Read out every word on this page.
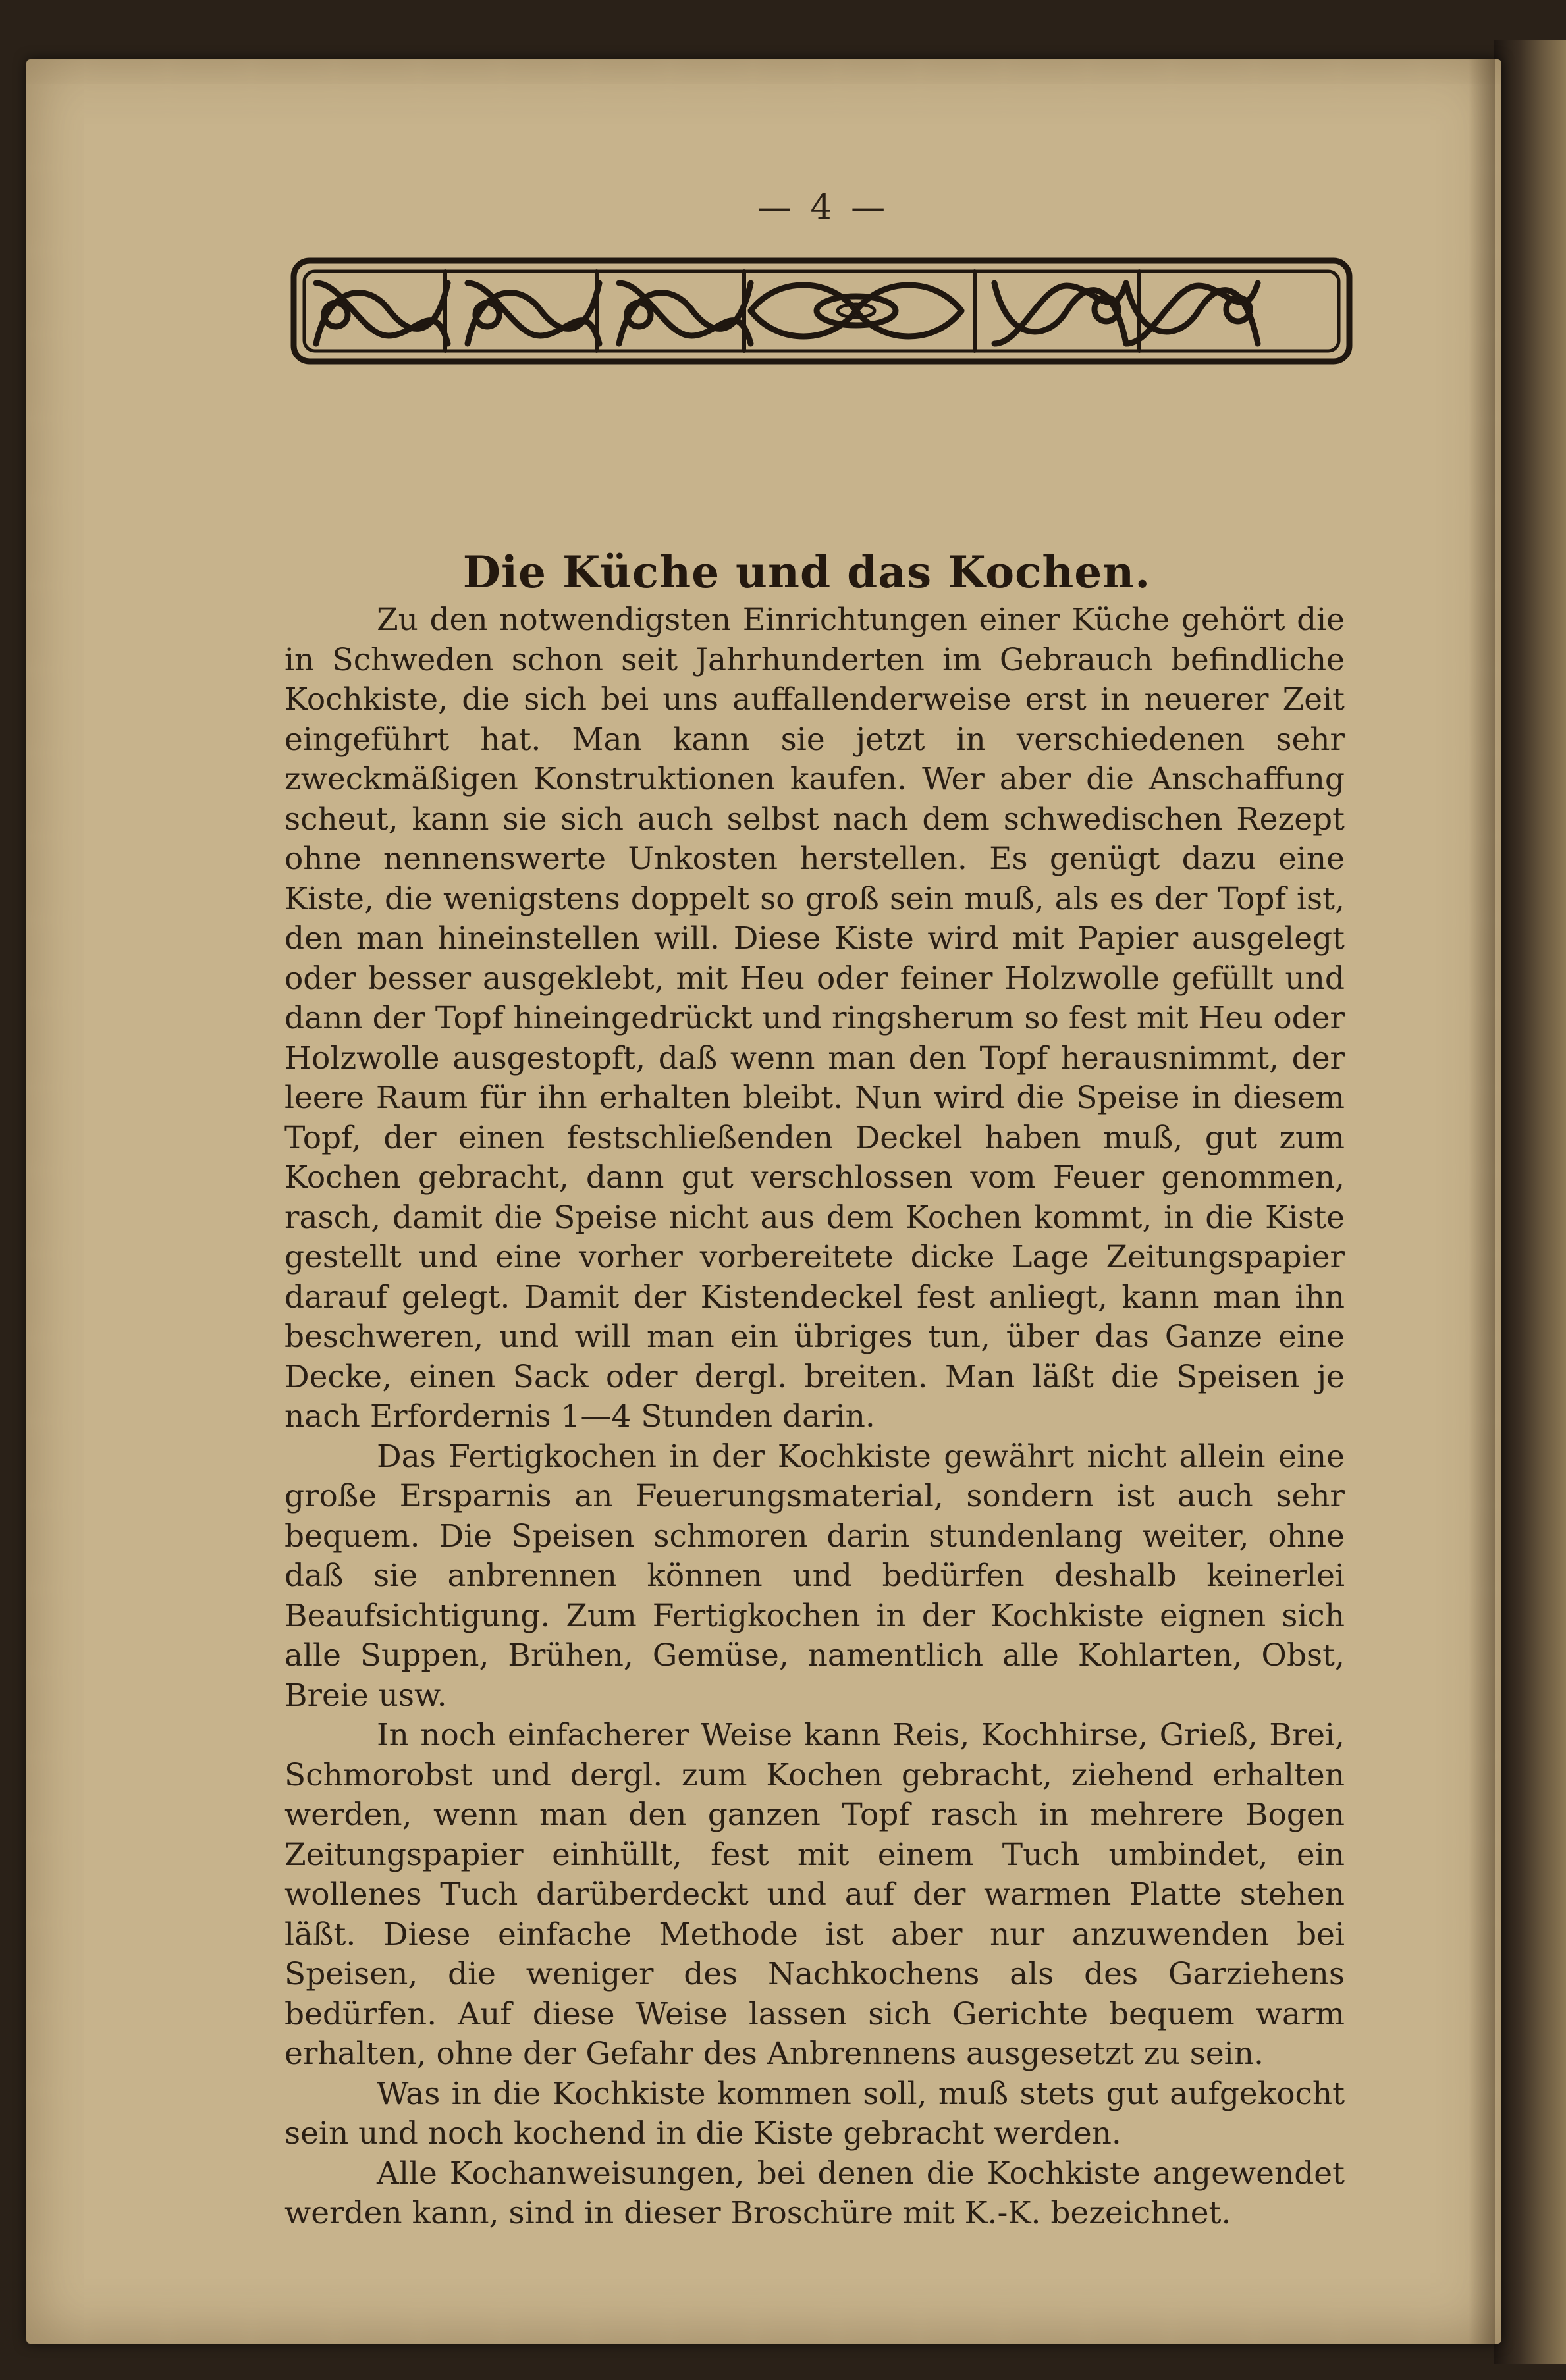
— 4 —
Die Küche und das Kochen.

Zu den notwendigsten Einrichtungen einer Küche gehört die in Schweden schon seit Jahrhunderten im Gebrauch befindliche Kochkiste, die sich bei uns auffallenderweise erst in neuerer Zeit eingeführt hat. Man kann sie jetzt in verschiedenen sehr zweckmäßigen Konstruktionen kaufen. Wer aber die Anschaffung scheut, kann sie sich auch selbst nach dem schwedischen Rezept ohne nennenswerte Unkosten herstellen. Es genügt dazu eine Kiste, die wenigstens doppelt so groß sein muß, als es der Topf ist, den man hineinstellen will. Diese Kiste wird mit Papier ausgelegt oder besser ausgeklebt, mit Heu oder feiner Holzwolle gefüllt und dann der Topf hineingedrückt und ringsherum so fest mit Heu oder Holzwolle ausgestopft, daß wenn man den Topf herausnimmt, der leere Raum für ihn erhalten bleibt. Nun wird die Speise in diesem Topf, der einen festschließenden Deckel haben muß, gut zum Kochen gebracht, dann gut verschlossen vom Feuer genommen, rasch, damit die Speise nicht aus dem Kochen kommt, in die Kiste gestellt und eine vorher vorbereitete dicke Lage Zeitungspapier darauf gelegt. Damit der Kistendeckel fest anliegt, kann man ihn beschweren, und will man ein übriges tun, über das Ganze eine Decke, einen Sack oder dergl. breiten. Man läßt die Speisen je nach Erfordernis 1—4 Stunden darin.

Das Fertigkochen in der Kochkiste gewährt nicht allein eine große Ersparnis an Feuerungsmaterial, sondern ist auch sehr bequem. Die Speisen schmoren darin stundenlang weiter, ohne daß sie anbrennen können und bedürfen deshalb keinerlei Beaufsichtigung. Zum Fertigkochen in der Kochkiste eignen sich alle Suppen, Brühen, Gemüse, namentlich alle Kohlarten, Obst, Breie usw.

In noch einfacherer Weise kann Reis, Kochhirse, Grieß, Brei, Schmorobst und dergl. zum Kochen gebracht, ziehend erhalten werden, wenn man den ganzen Topf rasch in mehrere Bogen Zeitungspapier einhüllt, fest mit einem Tuch umbindet, ein wollenes Tuch darüberdeckt und auf der warmen Platte stehen läßt. Diese einfache Methode ist aber nur anzuwenden bei Speisen, die weniger des Nachkochens als des Garziehens bedürfen. Auf diese Weise lassen sich Gerichte bequem warm erhalten, ohne der Gefahr des Anbrennens ausgesetzt zu sein.

Was in die Kochkiste kommen soll, muß stets gut aufgekocht sein und noch kochend in die Kiste gebracht werden.

Alle Kochanweisungen, bei denen die Kochkiste angewendet werden kann, sind in dieser Broschüre mit K.-K. bezeichnet.
